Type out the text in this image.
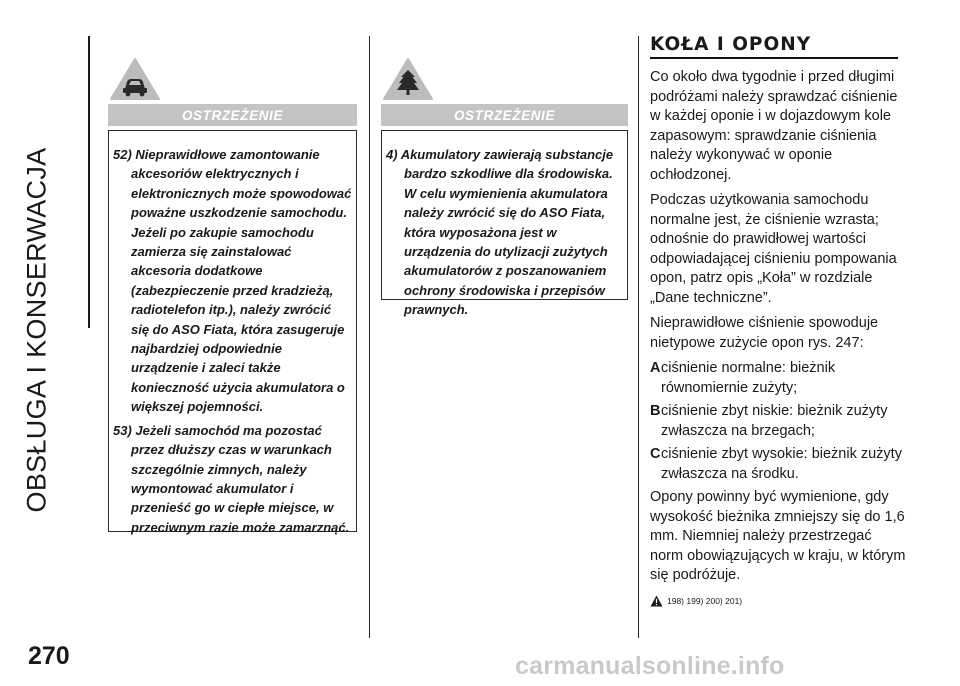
OBSŁUGA I KONSERWACJA
270
OSTRZEŻENIE

52) Nieprawidłowe zamontowanie akcesoriów elektrycznych i elektronicznych może spowodować poważne uszkodzenie samochodu. Jeżeli po zakupie samochodu zamierza się zainstalować akcesoria dodatkowe (zabezpieczenie przed kradzieżą, radiotelefon itp.), należy zwrócić się do ASO Fiata, która zasugeruje najbardziej odpowiednie urządzenie i zaleci także konieczność użycia akumulatora o większej pojemności.

53) Jeżeli samochód ma pozostać przez dłuższy czas w warunkach szczególnie zimnych, należy wymontować akumulator i przenieść go w ciepłe miejsce, w przeciwnym razie może zamarznąć.

OSTRZEŻENIE

4) Akumulatory zawierają substancje bardzo szkodliwe dla środowiska. W celu wymienienia akumulatora należy zwrócić się do ASO Fiata, która wyposażona jest w urządzenia do utylizacji zużytych akumulatorów z poszanowaniem ochrony środowiska i przepisów prawnych.

KOŁA I OPONY

Co około dwa tygodnie i przed długimi podróżami należy sprawdzać ciśnienie w każdej oponie i w dojazdowym kole zapasowym: sprawdzanie ciśnienia należy wykonywać w oponie ochłodzonej.

Podczas użytkowania samochodu normalne jest, że ciśnienie wzrasta; odnośnie do prawidłowej wartości odpowiadającej ciśnieniu pompowania opon, patrz opis „Koła” w rozdziale „Dane techniczne”.

Nieprawidłowe ciśnienie spowoduje nietypowe zużycie opon rys. 247:

A ciśnienie normalne: bieżnik równomiernie zużyty;
B ciśnienie zbyt niskie: bieżnik zużyty zwłaszcza na brzegach;
C ciśnienie zbyt wysokie: bieżnik zużyty zwłaszcza na środku.

Opony powinny być wymienione, gdy wysokość bieżnika zmniejszy się do 1,6 mm. Niemniej należy przestrzegać norm obowiązujących w kraju, w którym się podróżuje.

198) 199) 200) 201)
carmanualsonline.info
